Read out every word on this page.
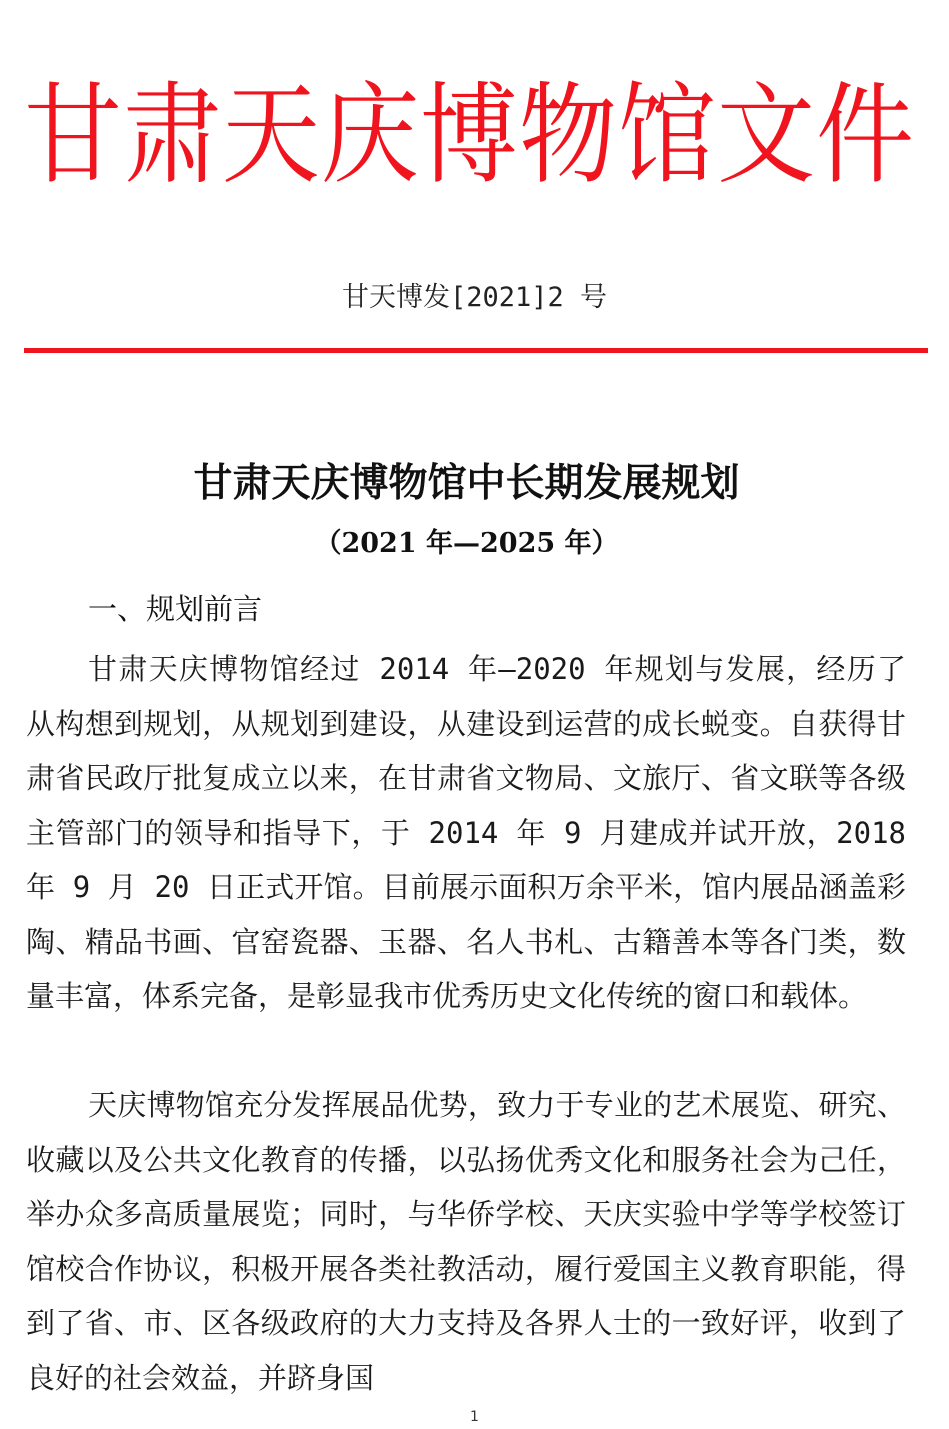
甘肃天庆博物馆文件
甘天博发[2021]2 号
甘肃天庆博物馆中长期发展规划
（2021 年—2025 年）
一、规划前言

甘肃天庆博物馆经过 2014 年—2020 年规划与发展，经历了从构想到规划，从规划到建设，从建设到运营的成长蜕变。自获得甘肃省民政厅批复成立以来，在甘肃省文物局、文旅厅、省文联等各级主管部门的领导和指导下，于 2014 年 9 月建成并试开放，2018 年 9 月 20 日正式开馆。目前展示面积万余平米，馆内展品涵盖彩陶、精品书画、官窑瓷器、玉器、名人书札、古籍善本等各门类，数量丰富，体系完备，是彰显我市优秀历史文化传统的窗口和载体。

天庆博物馆充分发挥展品优势，致力于专业的艺术展览、研究、收藏以及公共文化教育的传播，以弘扬优秀文化和服务社会为己任，举办众多高质量展览；同时，与华侨学校、天庆实验中学等学校签订馆校合作协议，积极开展各类社教活动，履行爱国主义教育职能，得到了省、市、区各级政府的大力支持及各界人士的一致好评，收到了良好的社会效益，并跻身国

1
